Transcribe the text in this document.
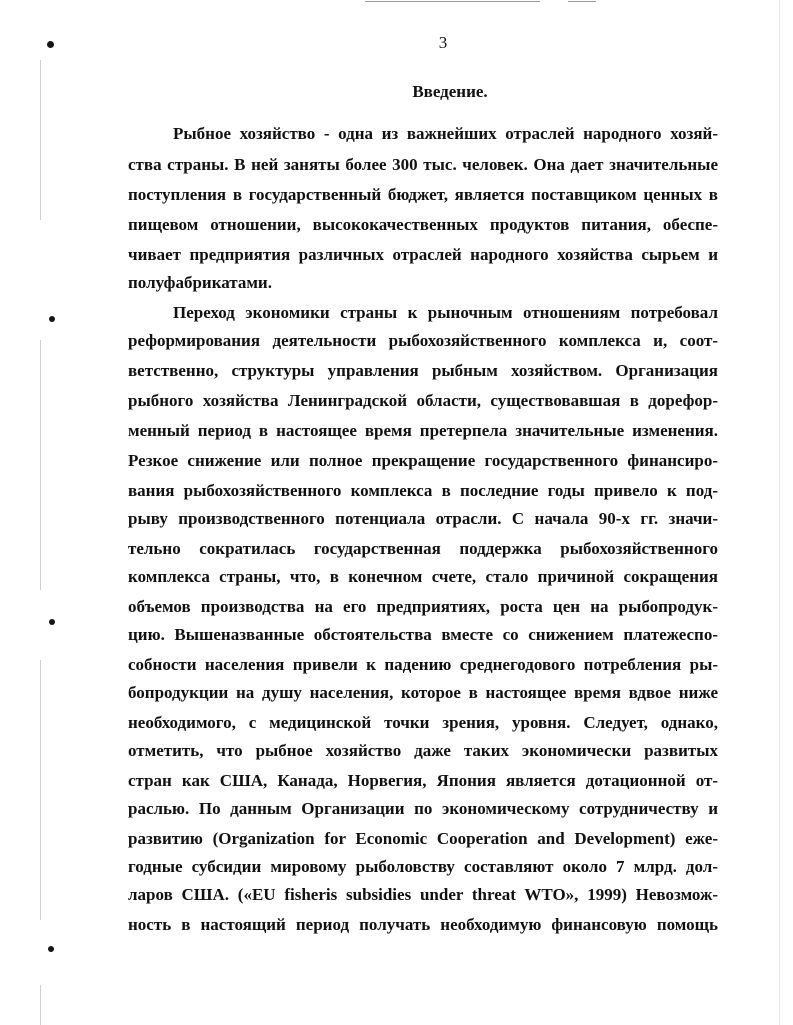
3
Введение.

Рыбное хозяйство - одна из важнейших отраслей народного хозяй-

ства страны. В ней заняты более 300 тыс. человек. Она дает значительные

поступления в государственный бюджет, является поставщиком ценных в

пищевом отношении, высококачественных продуктов питания, обеспе-

чивает предприятия различных отраслей народного хозяйства сырьем и

полуфабрикатами.

Переход экономики страны к рыночным отношениям потребовал

реформирования деятельности рыбохозяйственного комплекса и, соот-

ветственно, структуры управления рыбным хозяйством. Организация

рыбного хозяйства Ленинградской области, существовавшая в дорефор-

менный период в настоящее время претерпела значительные изменения.

Резкое снижение или полное прекращение государственного финансиро-

вания рыбохозяйственного комплекса в последние годы привело к под-

рыву производственного потенциала отрасли. С начала 90-х гг. значи-

тельно сократилась государственная поддержка рыбохозяйственного

комплекса страны, что, в конечном счете, стало причиной сокращения

объемов производства на его предприятиях, роста цен на рыбопродук-

цию. Вышеназванные обстоятельства вместе со снижением платежеспо-

собности населения привели к падению среднегодового потребления ры-

бопродукции на душу населения, которое в настоящее время вдвое ниже

необходимого, с медицинской точки зрения, уровня. Следует, однако,

отметить, что рыбное хозяйство даже таких экономически развитых

стран как США, Канада, Норвегия, Япония является дотационной от-

раслью. По данным Организации по экономическому сотрудничеству и

развитию (Organization for Economic Cooperation and Development) еже-

годные субсидии мировому рыболовству составляют около 7 млрд. дол-

ларов США. («EU fisheris subsidies under threat WTO», 1999) Невозмож-

ность в настоящий период получать необходимую финансовую помощь
